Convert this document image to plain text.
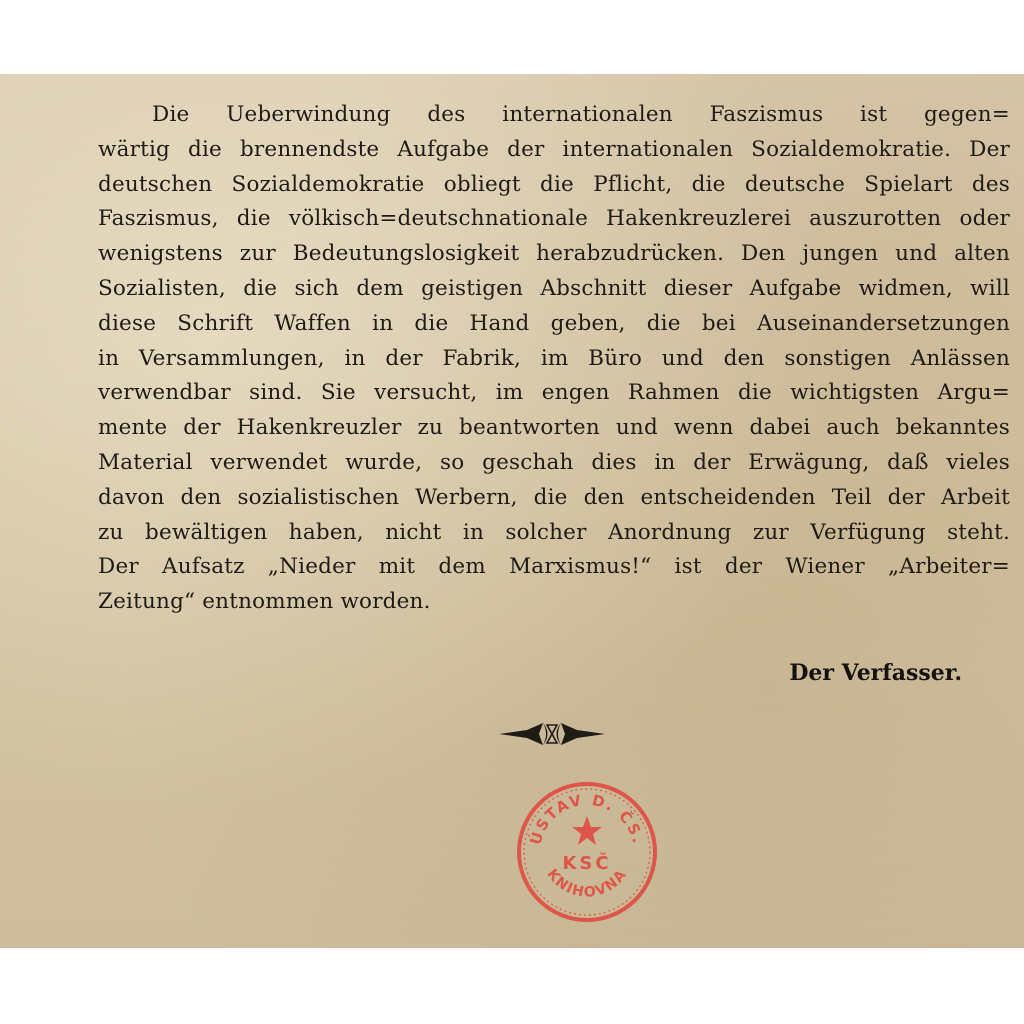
Die Ueberwindung des internationalen Faszismus ist gegen=
wärtig die brennendste Aufgabe der internationalen Sozialdemokratie. Der
deutschen Sozialdemokratie obliegt die Pflicht, die deutsche Spielart des
Faszismus, die völkisch=deutschnationale Hakenkreuzlerei auszurotten oder
wenigstens zur Bedeutungslosigkeit herabzudrücken. Den jungen und alten
Sozialisten, die sich dem geistigen Abschnitt dieser Aufgabe widmen, will
diese Schrift Waffen in die Hand geben, die bei Auseinandersetzungen
in Versammlungen, in der Fabrik, im Büro und den sonstigen Anlässen
verwendbar sind. Sie versucht, im engen Rahmen die wichtigsten Argu=
mente der Hakenkreuzler zu beantworten und wenn dabei auch bekanntes
Material verwendet wurde, so geschah dies in der Erwägung, daß vieles
davon den sozialistischen Werbern, die den entscheidenden Teil der Arbeit
zu bewältigen haben, nicht in solcher Anordnung zur Verfügung steht.
Der Aufsatz „Nieder mit dem Marxismus!“ ist der Wiener „Arbeiter=
Zeitung“ entnommen worden.
Der Verfasser.
ÚSTAV D. ČS.
KSČ
KNIHOVNA
